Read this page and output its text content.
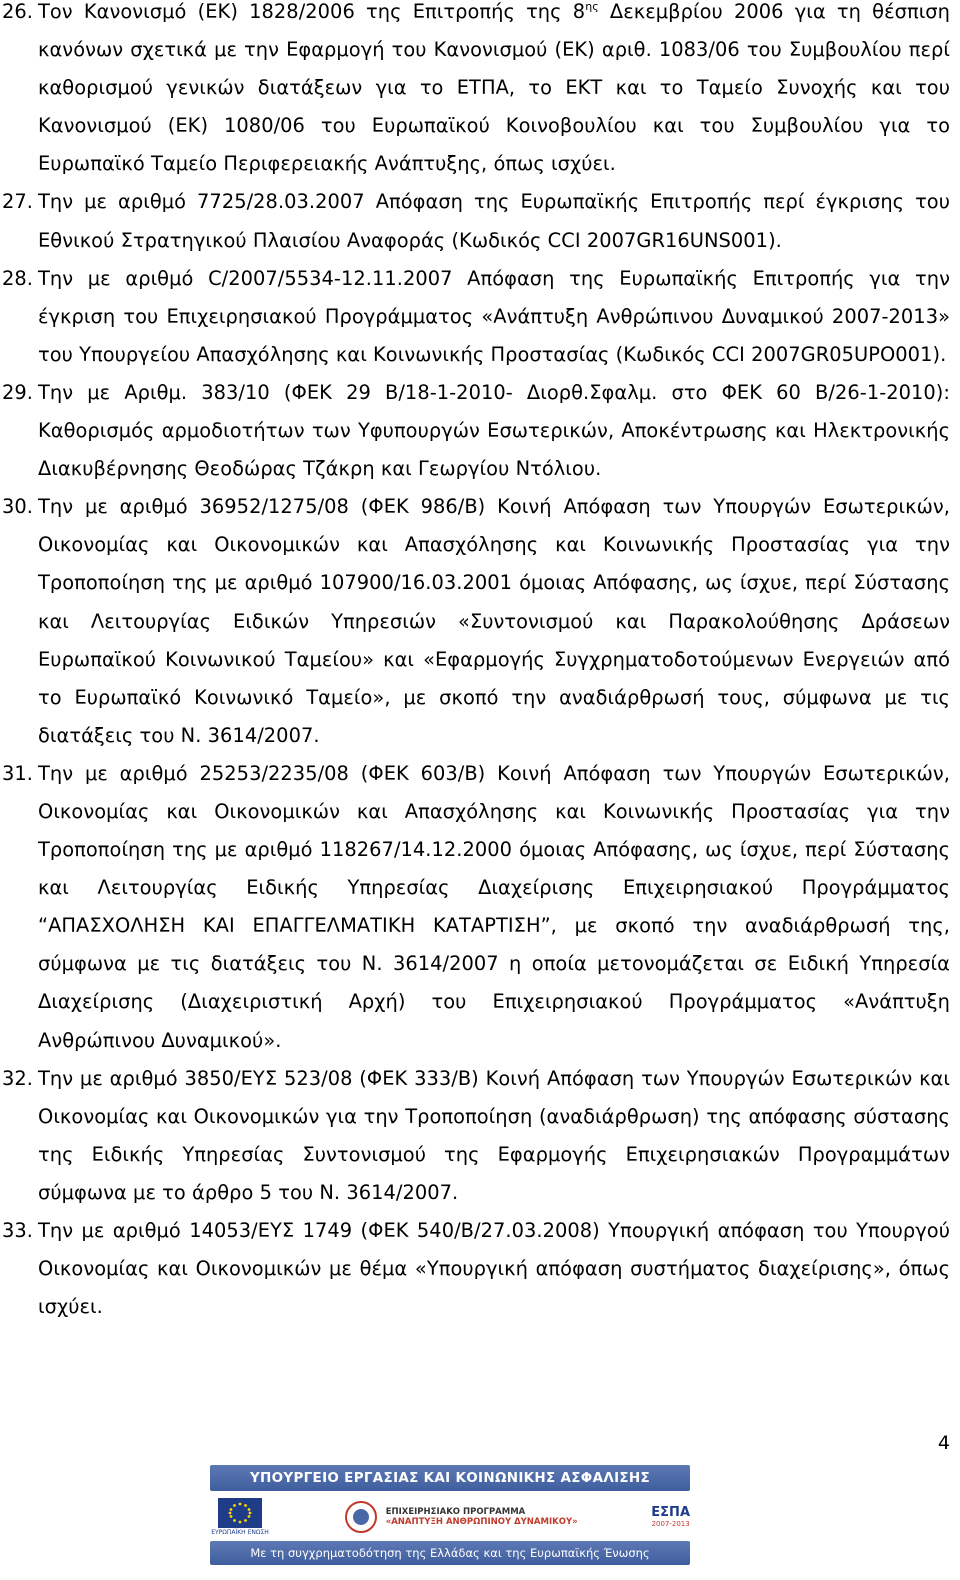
26. Τον Κανονισμό (ΕΚ) 1828/2006 της Επιτροπής της $8^{\eta\varsigma}$ Δεκεμβρίου 2006 για τη θέσπιση κανόνων σχετικά με την Εφαρμογή του Κανονισμού (ΕΚ) αριθ. 1083/06 του Συμβουλίου περί καθορισμού γενικών διατάξεων για το ΕΤΠΑ, το ΕΚΤ και το Ταμείο Συνοχής και του Κανονισμού (ΕΚ) 1080/06 του Ευρωπαϊκού Κοινοβουλίου και του Συμβουλίου για το Ευρωπαϊκό Ταμείο Περιφερειακής Ανάπτυξης, όπως ισχύει.
27. Την με αριθμό 7725/28.03.2007 Απόφαση της Ευρωπαϊκής Επιτροπής περί έγκρισης του Εθνικού Στρατηγικού Πλαισίου Αναφοράς (Κωδικός CCI 2007GR16UNS001).
28. Την με αριθμό C/2007/5534-12.11.2007 Απόφαση της Ευρωπαϊκής Επιτροπής για την έγκριση του Επιχειρησιακού Προγράμματος «Ανάπτυξη Ανθρώπινου Δυναμικού 2007-2013» του Υπουργείου Απασχόλησης και Κοινωνικής Προστασίας (Κωδικός CCI 2007GR05UPO001).
29. Την με Αριθμ. 383/10 (ΦΕΚ 29 Β/18-1-2010- Διορθ.Σφαλμ. στο ΦΕΚ 60 Β/26-1-2010): Καθορισμός αρμοδιοτήτων των Υφυπουργών Εσωτερικών, Αποκέντρωσης και Ηλεκτρονικής Διακυβέρνησης Θεοδώρας Τζάκρη και Γεωργίου Ντόλιου.
30. Την με αριθμό 36952/1275/08 (ΦΕΚ 986/Β) Κοινή Απόφαση των Υπουργών Εσωτερικών, Οικονομίας και Οικονομικών και Απασχόλησης και Κοινωνικής Προστασίας για την Τροποποίηση της με αριθμό 107900/16.03.2001 όμοιας Απόφασης, ως ίσχυε, περί Σύστασης και Λειτουργίας Ειδικών Υπηρεσιών «Συντονισμού και Παρακολούθησης Δράσεων Ευρωπαϊκού Κοινωνικού Ταμείου» και «Εφαρμογής Συγχρηματοδοτούμενων Ενεργειών από το Ευρωπαϊκό Κοινωνικό Ταμείο», με σκοπό την αναδιάρθρωσή τους, σύμφωνα με τις διατάξεις του Ν. 3614/2007.
31. Την με αριθμό 25253/2235/08 (ΦΕΚ 603/Β) Κοινή Απόφαση των Υπουργών Εσωτερικών, Οικονομίας και Οικονομικών και Απασχόλησης και Κοινωνικής Προστασίας για την Τροποποίηση της με αριθμό 118267/14.12.2000 όμοιας Απόφασης, ως ίσχυε, περί Σύστασης και Λειτουργίας Ειδικής Υπηρεσίας Διαχείρισης Επιχειρησιακού Προγράμματος “ΑΠΑΣΧΟΛΗΣΗ ΚΑΙ ΕΠΑΓΓΕΛΜΑΤΙΚΗ ΚΑΤΑΡΤΙΣΗ”, με σκοπό την αναδιάρθρωσή της, σύμφωνα με τις διατάξεις του Ν. 3614/2007 η οποία μετονομάζεται σε Ειδική Υπηρεσία Διαχείρισης (Διαχειριστική Αρχή) του Επιχειρησιακού Προγράμματος «Ανάπτυξη Ανθρώπινου Δυναμικού».
32. Την με αριθμό 3850/ΕΥΣ 523/08 (ΦΕΚ 333/Β) Κοινή Απόφαση των Υπουργών Εσωτερικών και Οικονομίας και Οικονομικών για την Τροποποίηση (αναδιάρθρωση) της απόφασης σύστασης της Ειδικής Υπηρεσίας Συντονισμού της Εφαρμογής Επιχειρησιακών Προγραμμάτων σύμφωνα με το άρθρο 5 του Ν. 3614/2007.
33. Την με αριθμό 14053/ΕΥΣ 1749 (ΦΕΚ 540/Β/27.03.2008) Υπουργική απόφαση του Υπουργού Οικονομίας και Οικονομικών με θέμα «Υπουργική απόφαση συστήματος διαχείρισης», όπως ισχύει.
4
ΥΠΟΥΡΓΕΙΟ ΕΡΓΑΣΙΑΣ ΚΑΙ ΚΟΙΝΩΝΙΚΗΣ ΑΣΦΑΛΙΣΗΣ
ΕΥΡΩΠΑΪΚΗ ΕΝΩΣΗ
ΕΠΙΧΕΙΡΗΣΙΑΚΟ ΠΡΟΓΡΑΜΜΑ
«ΑΝΑΠΤΥΞΗ ΑΝΘΡΩΠΙΝΟΥ ΔΥΝΑΜΙΚΟΥ»
ΕΣΠΑ
2007-2013
Με τη συγχρηματοδότηση της Ελλάδας και της Ευρωπαϊκής Ένωσης
